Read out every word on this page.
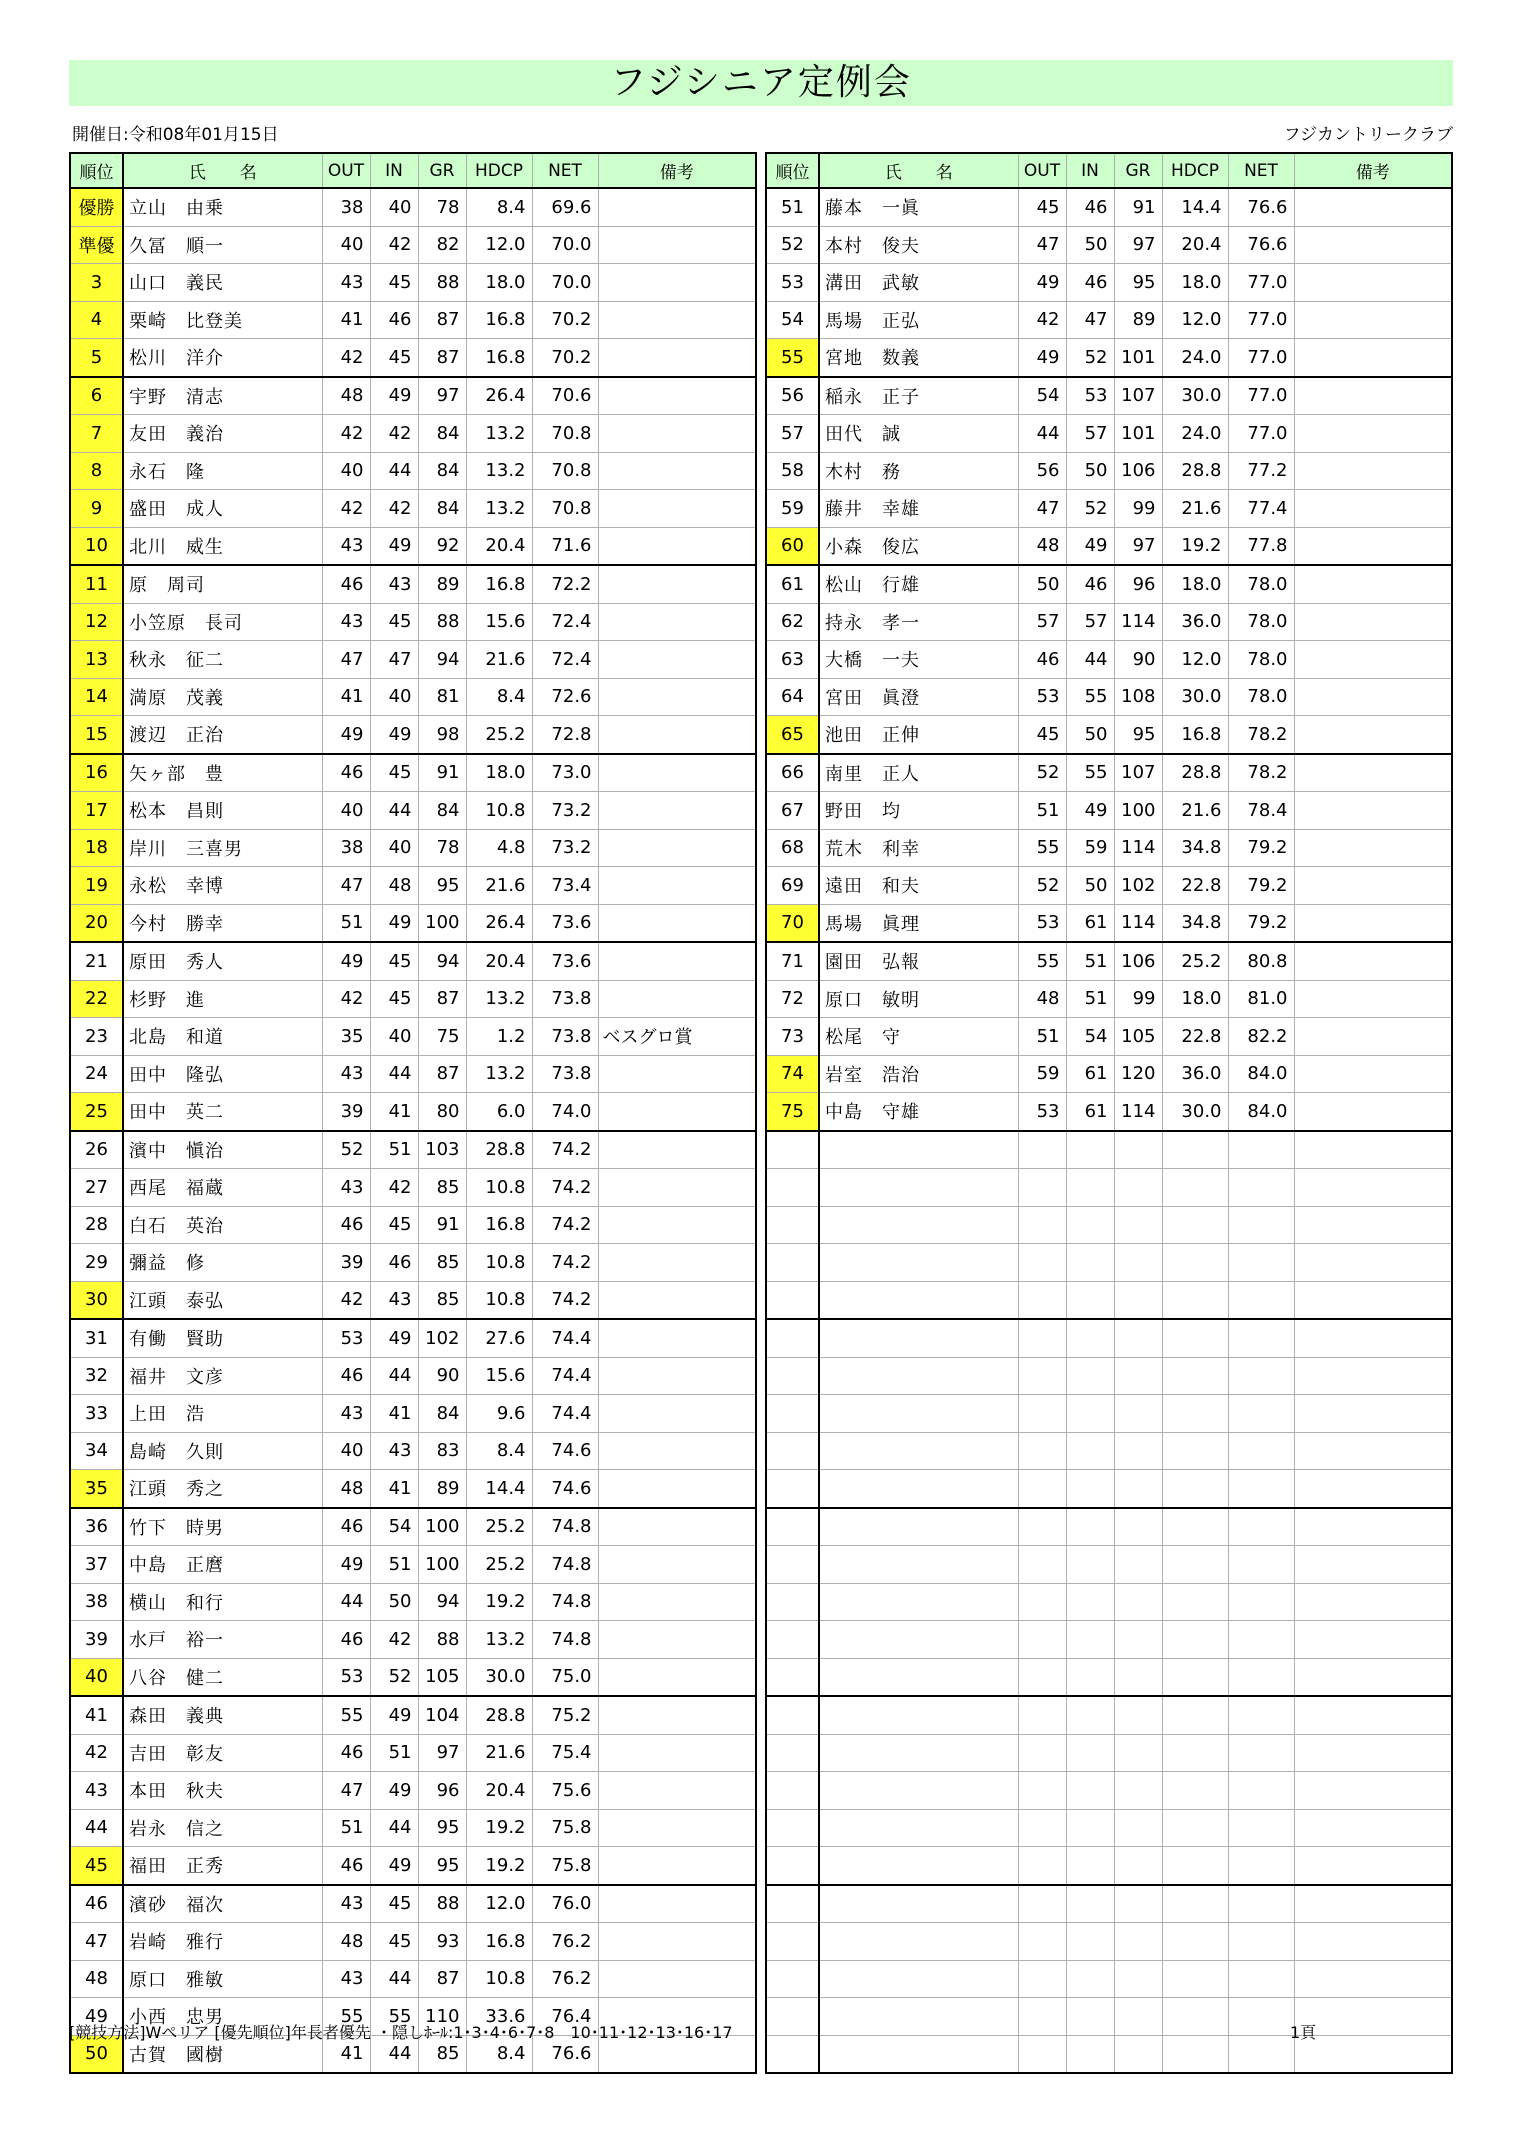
フジシニア定例会
開催日:令和08年01月15日	フジカントリークラブ
順位	氏　　名	OUT	IN	GR	HDCP	NET	備考
優勝	立山　由乗	38	40	78	8.4	69.6	
準優	久冨　順一	40	42	82	12.0	70.0	
3	山口　義民	43	45	88	18.0	70.0	
4	栗崎　比登美	41	46	87	16.8	70.2	
5	松川　洋介	42	45	87	16.8	70.2	
6	宇野　清志	48	49	97	26.4	70.6	
7	友田　義治	42	42	84	13.2	70.8	
8	永石　隆	40	44	84	13.2	70.8	
9	盛田　成人	42	42	84	13.2	70.8	
10	北川　威生	43	49	92	20.4	71.6	
11	原　周司	46	43	89	16.8	72.2	
12	小笠原　長司	43	45	88	15.6	72.4	
13	秋永　征二	47	47	94	21.6	72.4	
14	満原　茂義	41	40	81	8.4	72.6	
15	渡辺　正治	49	49	98	25.2	72.8	
16	矢ヶ部　豊	46	45	91	18.0	73.0	
17	松本　昌則	40	44	84	10.8	73.2	
18	岸川　三喜男	38	40	78	4.8	73.2	
19	永松　幸博	47	48	95	21.6	73.4	
20	今村　勝幸	51	49	100	26.4	73.6	
21	原田　秀人	49	45	94	20.4	73.6	
22	杉野　進	42	45	87	13.2	73.8	
23	北島　和道	35	40	75	1.2	73.8	ベスグロ賞
24	田中　隆弘	43	44	87	13.2	73.8	
25	田中　英二	39	41	80	6.0	74.0	
26	濱中　愼治	52	51	103	28.8	74.2	
27	西尾　福蔵	43	42	85	10.8	74.2	
28	白石　英治	46	45	91	16.8	74.2	
29	彌益　修	39	46	85	10.8	74.2	
30	江頭　泰弘	42	43	85	10.8	74.2	
31	有働　賢助	53	49	102	27.6	74.4	
32	福井　文彦	46	44	90	15.6	74.4	
33	上田　浩	43	41	84	9.6	74.4	
34	島崎　久則	40	43	83	8.4	74.6	
35	江頭　秀之	48	41	89	14.4	74.6	
36	竹下　時男	46	54	100	25.2	74.8	
37	中島　正麿	49	51	100	25.2	74.8	
38	横山　和行	44	50	94	19.2	74.8	
39	水戸　裕一	46	42	88	13.2	74.8	
40	八谷　健二	53	52	105	30.0	75.0	
41	森田　義典	55	49	104	28.8	75.2	
42	吉田　彰友	46	51	97	21.6	75.4	
43	本田　秋夫	47	49	96	20.4	75.6	
44	岩永　信之	51	44	95	19.2	75.8	
45	福田　正秀	46	49	95	19.2	75.8	
46	濱砂　福次	43	45	88	12.0	76.0	
47	岩崎　雅行	48	45	93	16.8	76.2	
48	原口　雅敏	43	44	87	10.8	76.2	
49	小西　忠男	55	55	110	33.6	76.4	
50	古賀　國樹	41	44	85	8.4	76.6	
順位	氏　　名	OUT	IN	GR	HDCP	NET	備考
51	藤本　一眞	45	46	91	14.4	76.6	
52	本村　俊夫	47	50	97	20.4	76.6	
53	溝田　武敏	49	46	95	18.0	77.0	
54	馬場　正弘	42	47	89	12.0	77.0	
55	宮地　数義	49	52	101	24.0	77.0	
56	稲永　正子	54	53	107	30.0	77.0	
57	田代　誠	44	57	101	24.0	77.0	
58	木村　務	56	50	106	28.8	77.2	
59	藤井　幸雄	47	52	99	21.6	77.4	
60	小森　俊広	48	49	97	19.2	77.8	
61	松山　行雄	50	46	96	18.0	78.0	
62	持永　孝一	57	57	114	36.0	78.0	
63	大橋　一夫	46	44	90	12.0	78.0	
64	宮田　眞澄	53	55	108	30.0	78.0	
65	池田　正伸	45	50	95	16.8	78.2	
66	南里　正人	52	55	107	28.8	78.2	
67	野田　均	51	49	100	21.6	78.4	
68	荒木　利幸	55	59	114	34.8	79.2	
69	遠田　和夫	52	50	102	22.8	79.2	
70	馬場　眞理	53	61	114	34.8	79.2	
71	園田　弘報	55	51	106	25.2	80.8	
72	原口　敏明	48	51	99	18.0	81.0	
73	松尾　守	51	54	105	22.8	82.2	
74	岩室　浩治	59	61	120	36.0	84.0	
75	中島　守雄	53	61	114	30.0	84.0	

[競技方法]Wペリア [優先順位]年長者優先 ・隠しﾎｰﾙ:1･3･4･6･7･8　10･11･12･13･16･17	1頁
